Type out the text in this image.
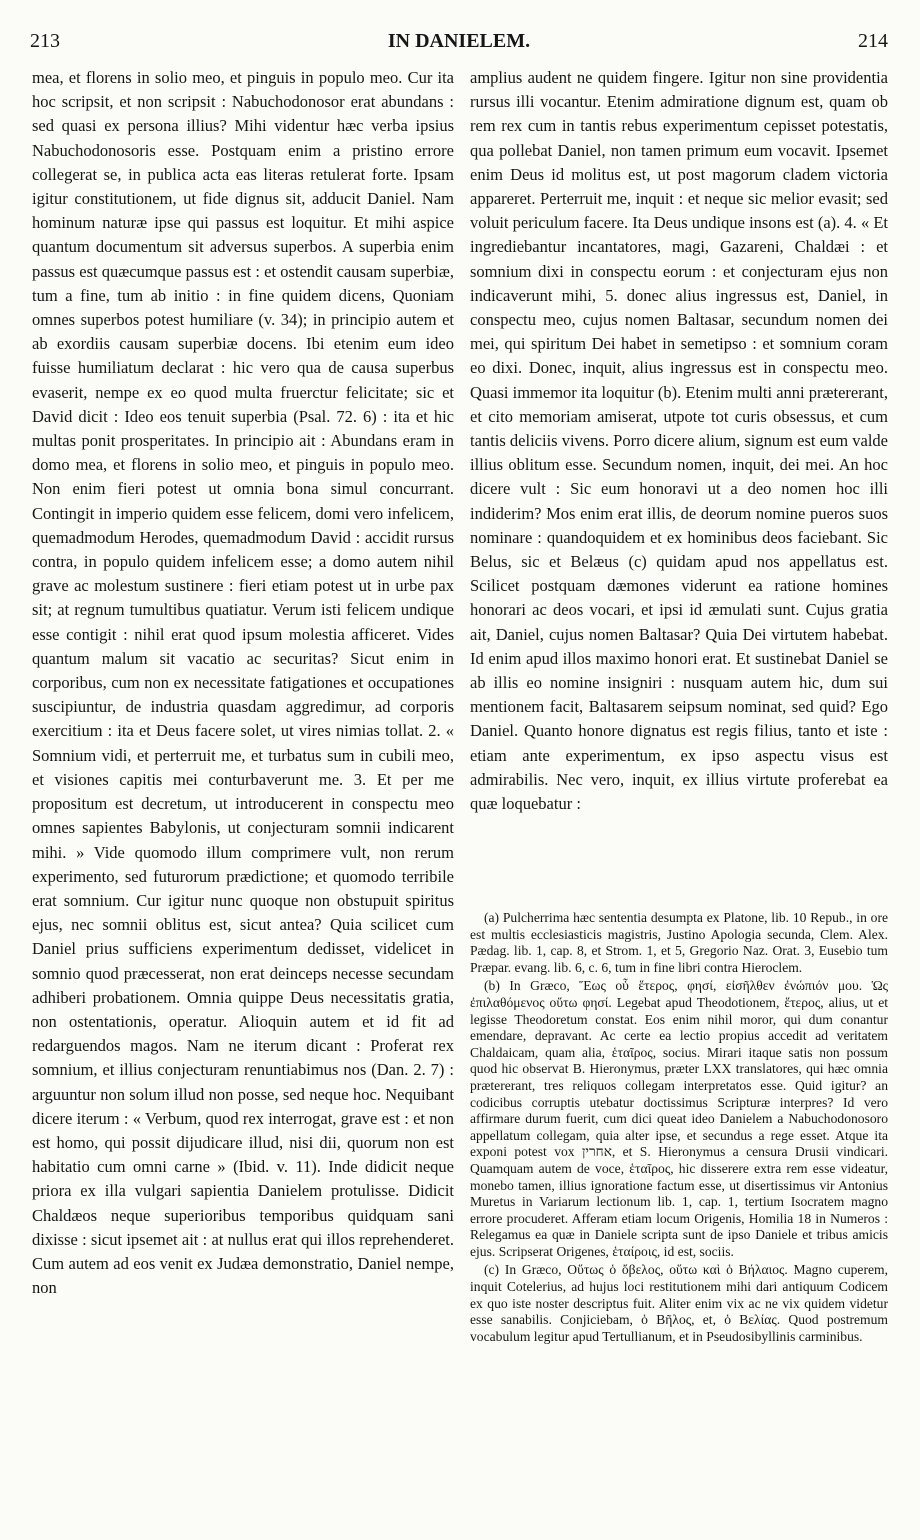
213	IN DANIELEM.	214

mea, et florens in solio meo, et pinguis in populo meo. Cur ita hoc scripsit, et non scripsit : Nabuchodonosor erat abundans : sed quasi ex persona illius? Mihi videntur hæc verba ipsius Nabuchodonosoris esse. Postquam enim a pristino errore collegerat se, in publica acta eas literas retulerat forte. Ipsam igitur constitutionem, ut fide dignus sit, adducit Daniel. Nam hominum naturæ ipse qui passus est loquitur. Et mihi aspice quantum documentum sit adversus superbos. A superbia enim passus est quæcumque passus est : et ostendit causam superbiæ, tum a fine, tum ab initio : in fine quidem dicens, Quoniam omnes superbos potest humiliare (v. 34); in principio autem et ab exordiis causam superbiæ docens. Ibi etenim eum ideo fuisse humiliatum declarat : hic vero qua de causa superbus evaserit, nempe ex eo quod multa fruerctur felicitate; sic et David dicit : Ideo eos tenuit superbia (Psal. 72. 6) : ita et hic multas ponit prosperitates. In principio ait : Abundans eram in domo mea, et florens in solio meo, et pinguis in populo meo. Non enim fieri potest ut omnia bona simul concurrant. Contingit in imperio quidem esse felicem, domi vero infelicem, quemadmodum Herodes, quemadmodum David : accidit rursus contra, in populo quidem infelicem esse; a domo autem nihil grave ac molestum sustinere : fieri etiam potest ut in urbe pax sit; at regnum tumultibus quatiatur. Verum isti felicem undique esse contigit : nihil erat quod ipsum molestia afficeret. Vides quantum malum sit vacatio ac securitas? Sicut enim in corporibus, cum non ex necessitate fatigationes et occupationes suscipiuntur, de industria quasdam aggredimur, ad corporis exercitium : ita et Deus facere solet, ut vires nimias tollat. 2. « Somnium vidi, et perterruit me, et turbatus sum in cubili meo, et visiones capitis mei conturbaverunt me. 3. Et per me propositum est decretum, ut introducerent in conspectu meo omnes sapientes Babylonis, ut conjecturam somnii indicarent mihi. » Vide quomodo illum comprimere vult, non rerum experimento, sed futurorum prædictione; et quomodo terribile erat somnium. Cur igitur nunc quoque non obstupuit spiritus ejus, nec somnii oblitus est, sicut antea? Quia scilicet cum Daniel prius sufficiens experimentum dedisset, videlicet in somnio quod præcesserat, non erat deinceps necesse secundam adhiberi probationem. Omnia quippe Deus necessitatis gratia, non ostentationis, operatur. Alioquin autem et id fit ad redarguendos magos. Nam ne iterum dicant : Proferat rex somnium, et illius conjecturam renuntiabimus nos (Dan. 2. 7) : arguuntur non solum illud non posse, sed neque hoc. Nequibant dicere iterum : « Verbum, quod rex interrogat, grave est : et non est homo, qui possit dijudicare illud, nisi dii, quorum non est habitatio cum omni carne » (Ibid. v. 11). Inde didicit neque priora ex illa vulgari sapientia Danielem protulisse. Didicit Chaldæos neque superioribus temporibus quidquam sani dixisse : sicut ipsemet ait : at nullus erat qui illos reprehenderet. Cum autem ad eos venit ex Judæa demonstratio, Daniel nempe, non

amplius audent ne quidem fingere. Igitur non sine providentia rursus illi vocantur. Etenim admiratione dignum est, quam ob rem rex cum in tantis rebus experimentum cepisset potestatis, qua pollebat Daniel, non tamen primum eum vocavit. Ipsemet enim Deus id molitus est, ut post magorum cladem victoria appareret. Perterruit me, inquit : et neque sic melior evasit; sed voluit periculum facere. Ita Deus undique insons est (a). 4. « Et ingrediebantur incantatores, magi, Gazareni, Chaldæi : et somnium dixi in conspectu eorum : et conjecturam ejus non indicaverunt mihi, 5. donec alius ingressus est, Daniel, in conspectu meo, cujus nomen Baltasar, secundum nomen dei mei, qui spiritum Dei habet in semetipso : et somnium coram eo dixi. Donec, inquit, alius ingressus est in conspectu meo. Quasi immemor ita loquitur (b). Etenim multi anni prætererant, et cito memoriam amiserat, utpote tot curis obsessus, et cum tantis deliciis vivens. Porro dicere alium, signum est eum valde illius oblitum esse. Secundum nomen, inquit, dei mei. An hoc dicere vult : Sic eum honoravi ut a deo nomen hoc illi indiderim? Mos enim erat illis, de deorum nomine pueros suos nominare : quandoquidem et ex hominibus deos faciebant. Sic Belus, sic et Belæus (c) quidam apud nos appellatus est. Scilicet postquam dæmones viderunt ea ratione homines honorari ac deos vocari, et ipsi id æmulati sunt. Cujus gratia ait, Daniel, cujus nomen Baltasar? Quia Dei virtutem habebat. Id enim apud illos maximo honori erat. Et sustinebat Daniel se ab illis eo nomine insigniri : nusquam autem hic, dum sui mentionem facit, Baltasarem seipsum nominat, sed quid? Ego Daniel. Quanto honore dignatus est regis filius, tanto et iste : etiam ante experimentum, ex ipso aspectu visus est admirabilis. Nec vero, inquit, ex illius virtute proferebat ea quæ loquebatur :

(a) Pulcherrima hæc sententia desumpta ex Platone, lib. 10 Repub., in ore est multis ecclesiasticis magistris, Justino Apologia secunda, Clem. Alex. Pædag. lib. 1, cap. 8, et Strom. 1, et 5, Gregorio Naz. Orat. 3, Eusebio tum Præpar. evang. lib. 6, c. 6, tum in fine libri contra Hieroclem.

(b) In Græco, Ἕως οὗ ἕτερος, φησί, εἰσῆλθεν ἐνώπιόν μου. Ὡς ἐπιλαθόμενος οὕτω φησί. Legebat apud Theodotionem, ἕτερος, alius, ut et legisse Theodoretum constat. Eos enim nihil moror, qui dum conantur emendare, depravant. Ac certe ea lectio propius accedit ad veritatem Chaldaicam, quam alia, ἑταῖρος, socius. Mirari itaque satis non possum quod hic observat B. Hieronymus, præter LXX translatores, qui hæc omnia prætererant, tres reliquos collegam interpretatos esse. Quid igitur? an codicibus corruptis utebatur doctissimus Scripturæ interpres? Id vero affirmare durum fuerit, cum dici queat ideo Danielem a Nabuchodonosoro appellatum collegam, quia alter ipse, et secundus a rege esset. Atque ita exponi potest vox אחרין, et S. Hieronymus a censura Drusii vindicari. Quamquam autem de voce, ἑταῖρος, hic disserere extra rem esse videatur, monebo tamen, illius ignoratione factum esse, ut disertissimus vir Antonius Muretus in Variarum lectionum lib. 1, cap. 1, tertium Isocratem magno errore procuderet. Afferam etiam locum Origenis, Homilia 18 in Numeros : Relegamus ea quæ in Daniele scripta sunt de ipso Daniele et tribus amicis ejus. Scripserat Origenes, ἑταίροις, id est, sociis.

(c) In Græco, Οὕτως ὁ ὄβελος, οὕτω καὶ ὁ Βήλαιος. Magno cuperem, inquit Cotelerius, ad hujus loci restitutionem mihi dari antiquum Codicem ex quo iste noster descriptus fuit. Aliter enim vix ac ne vix quidem videtur esse sanabilis. Conjiciebam, ὁ Βῆλος, et, ὁ Βελίας. Quod postremum vocabulum legitur apud Tertullianum, et in Pseudosibyllinis carminibus.
